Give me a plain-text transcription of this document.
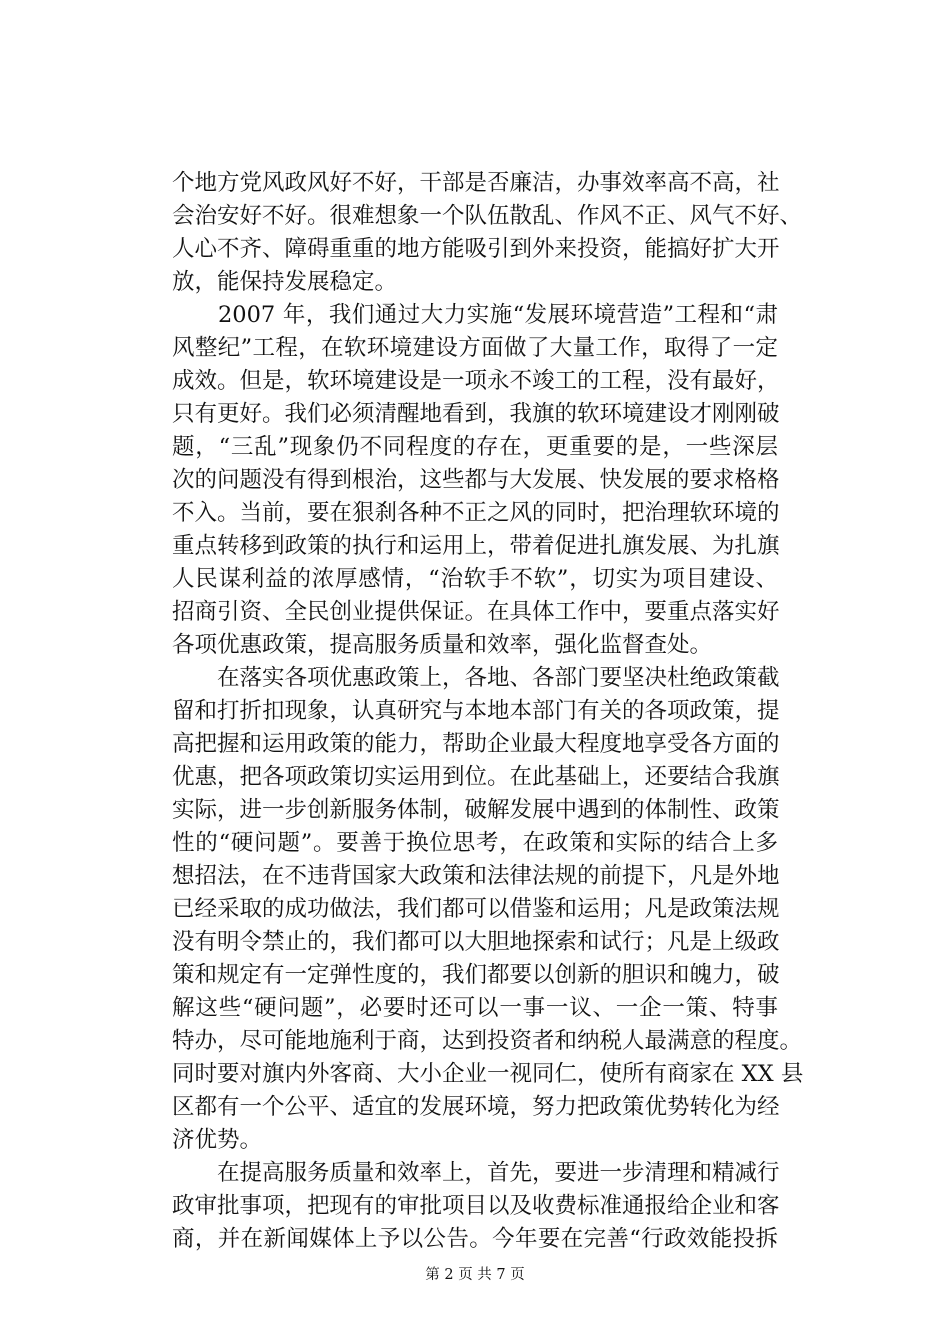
个地方党风政风好不好，干部是否廉洁，办事效率高不高，社
会治安好不好。很难想象一个队伍散乱、作风不正、风气不好、
人心不齐、障碍重重的地方能吸引到外来投资，能搞好扩大开
放，能保持发展稳定。
　　2007 年，我们通过大力实施“发展环境营造”工程和“肃
风整纪”工程，在软环境建设方面做了大量工作，取得了一定
成效。但是，软环境建设是一项永不竣工的工程，没有最好，
只有更好。我们必须清醒地看到，我旗的软环境建设才刚刚破
题，“三乱”现象仍不同程度的存在，更重要的是，一些深层
次的问题没有得到根治，这些都与大发展、快发展的要求格格
不入。当前，要在狠刹各种不正之风的同时，把治理软环境的
重点转移到政策的执行和运用上，带着促进扎旗发展、为扎旗
人民谋利益的浓厚感情，“治软手不软”，切实为项目建设、
招商引资、全民创业提供保证。在具体工作中，要重点落实好
各项优惠政策，提高服务质量和效率，强化监督查处。
　　在落实各项优惠政策上，各地、各部门要坚决杜绝政策截
留和打折扣现象，认真研究与本地本部门有关的各项政策，提
高把握和运用政策的能力，帮助企业最大程度地享受各方面的
优惠，把各项政策切实运用到位。在此基础上，还要结合我旗
实际，进一步创新服务体制，破解发展中遇到的体制性、政策
性的“硬问题”。要善于换位思考，在政策和实际的结合上多
想招法，在不违背国家大政策和法律法规的前提下，凡是外地
已经采取的成功做法，我们都可以借鉴和运用；凡是政策法规
没有明令禁止的，我们都可以大胆地探索和试行；凡是上级政
策和规定有一定弹性度的，我们都要以创新的胆识和魄力，破
解这些“硬问题”，必要时还可以一事一议、一企一策、特事
特办，尽可能地施利于商，达到投资者和纳税人最满意的程度。
同时要对旗内外客商、大小企业一视同仁，使所有商家在 XX 县
区都有一个公平、适宜的发展环境，努力把政策优势转化为经
济优势。
　　在提高服务质量和效率上，首先，要进一步清理和精减行
政审批事项，把现有的审批项目以及收费标准通报给企业和客
商，并在新闻媒体上予以公告。今年要在完善“行政效能投拆
第 2 页 共 7 页
